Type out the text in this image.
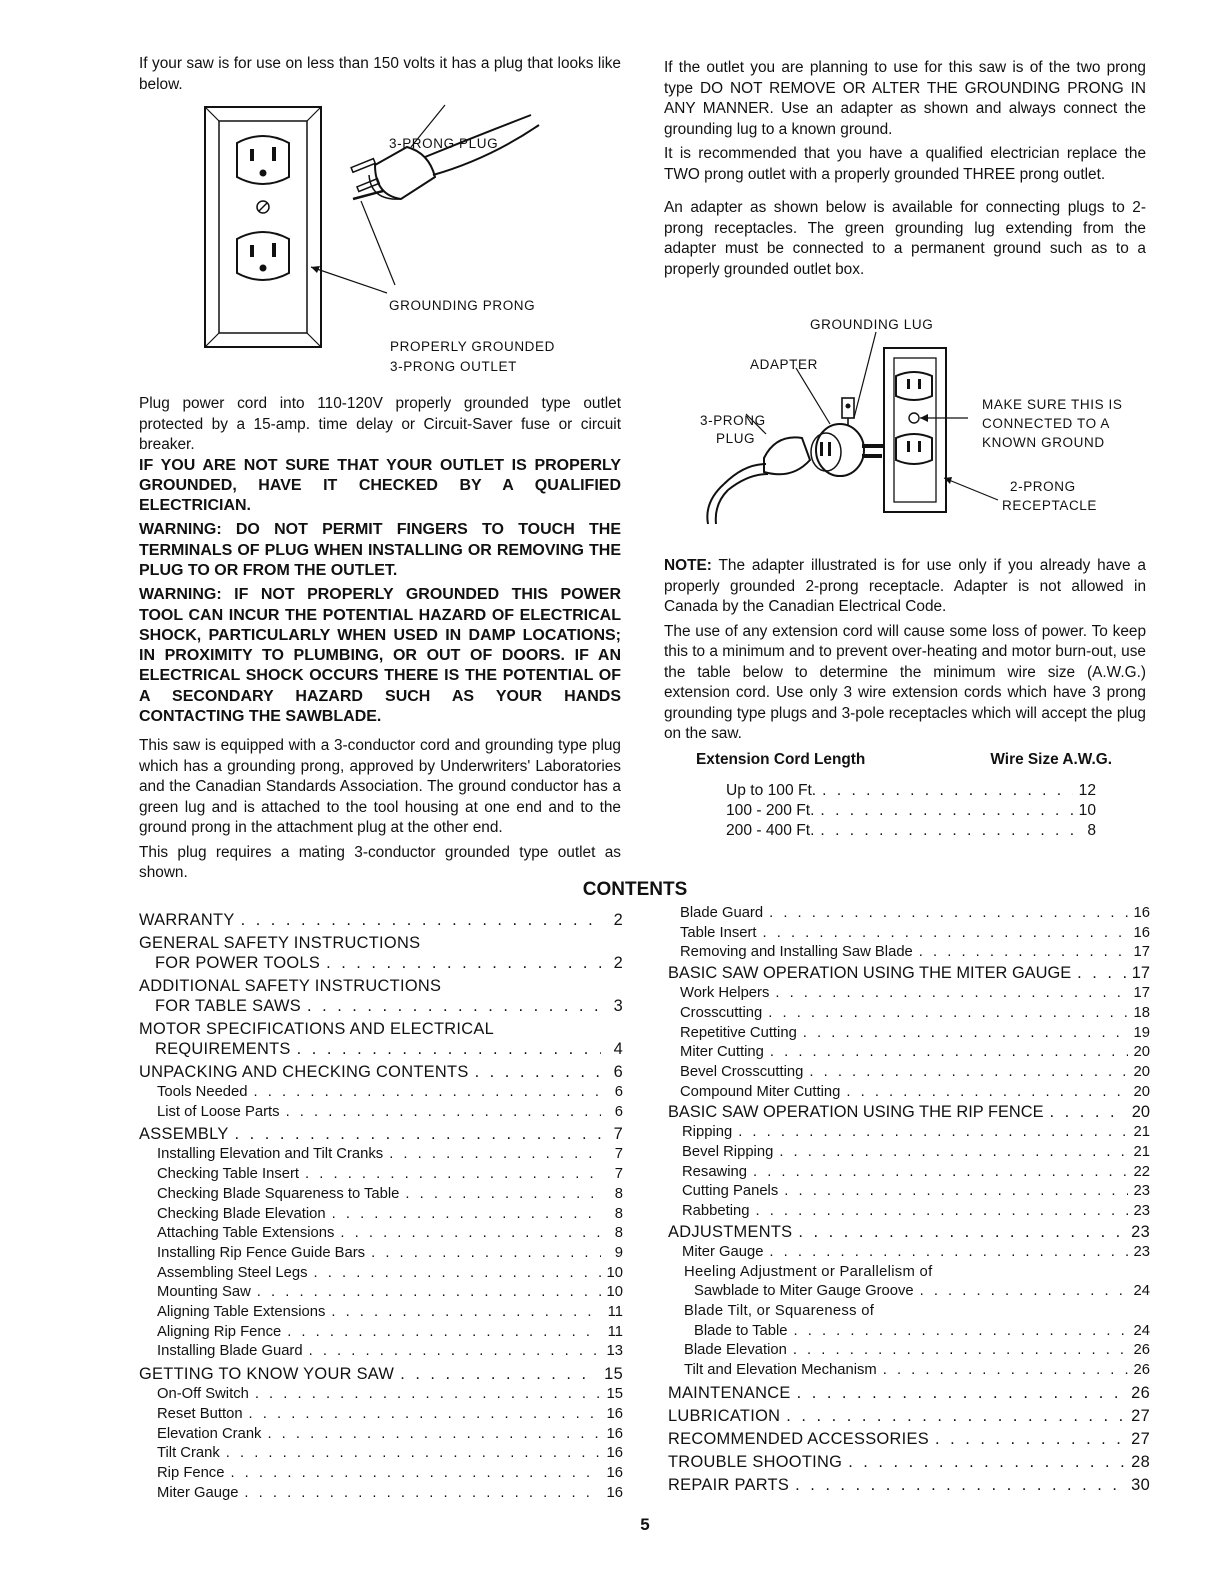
If your saw is for use on less than 150 volts it has a plug that looks like below.

3-PRONG PLUG
GROUNDING PRONG
PROPERLY GROUNDED
3-PRONG OUTLET

Plug power cord into 110-120V properly grounded type outlet protected by a 15-amp. time delay or Circuit-Saver fuse or circuit breaker.

IF YOU ARE NOT SURE THAT YOUR OUTLET IS PROPERLY GROUNDED, HAVE IT CHECKED BY A QUALIFIED ELECTRICIAN.

WARNING: DO NOT PERMIT FINGERS TO TOUCH THE TERMINALS OF PLUG WHEN INSTALLING OR REMOVING THE PLUG TO OR FROM THE OUTLET.

WARNING: IF NOT PROPERLY GROUNDED THIS POWER TOOL CAN INCUR THE POTENTIAL HAZARD OF ELECTRICAL SHOCK, PARTICULARLY WHEN USED IN DAMP LOCATIONS; IN PROXIMITY TO PLUMBING, OR OUT OF DOORS. IF AN ELECTRICAL SHOCK OCCURS THERE IS THE POTENTIAL OF A SECONDARY HAZARD SUCH AS YOUR HANDS CONTACTING THE SAWBLADE.

This saw is equipped with a 3-conductor cord and grounding type plug which has a grounding prong, approved by Underwriters' Laboratories and the Canadian Standards Association. The ground conductor has a green lug and is attached to the tool housing at one end and to the ground prong in the attachment plug at the other end.

This plug requires a mating 3-conductor grounded type outlet as shown.

If the outlet you are planning to use for this saw is of the two prong type DO NOT REMOVE OR ALTER THE GROUNDING PRONG IN ANY MANNER. Use an adapter as shown and always connect the grounding lug to a known ground.

It is recommended that you have a qualified electrician replace the TWO prong outlet with a properly grounded THREE prong outlet.

An adapter as shown below is available for connecting plugs to 2-prong receptacles. The green grounding lug extending from the adapter must be connected to a permanent ground such as to a properly grounded outlet box.

GROUNDING LUG
ADAPTER
3-PRONG
PLUG
MAKE SURE THIS IS
CONNECTED TO A
KNOWN GROUND
2-PRONG
RECEPTACLE

NOTE: The adapter illustrated is for use only if you already have a properly grounded 2-prong receptacle. Adapter is not allowed in Canada by the Canadian Electrical Code.

The use of any extension cord will cause some loss of power. To keep this to a minimum and to prevent over-heating and motor burn-out, use the table below to determine the minimum wire size (A.W.G.) extension cord. Use only 3 wire extension cords which have 3 prong grounding type plugs and 3-pole receptacles which will accept the plug on the saw.

Extension Cord Length	Wire Size A.W.G.
Up to 100 Ft. . . .	12
100 - 200 Ft. . . .	10
200 - 400 Ft. . . .	8
CONTENTS
WARRANTY . . .	2
GENERAL SAFETY INSTRUCTIONS
FOR POWER TOOLS . . .	2
ADDITIONAL SAFETY INSTRUCTIONS
FOR TABLE SAWS . . .	3
MOTOR SPECIFICATIONS AND ELECTRICAL
REQUIREMENTS . . .	4
UNPACKING AND CHECKING CONTENTS . . .	6
Tools Needed . . .	6
List of Loose Parts . . .	6
ASSEMBLY . . .	7
Installing Elevation and Tilt Cranks . . .	7
Checking Table Insert . . .	7
Checking Blade Squareness to Table . . .	8
Checking Blade Elevation . . .	8
Attaching Table Extensions . . .	8
Installing Rip Fence Guide Bars . . .	9
Assembling Steel Legs . . .	10
Mounting Saw . . .	10
Aligning Table Extensions . . .	11
Aligning Rip Fence . . .	11
Installing Blade Guard . . .	13
GETTING TO KNOW YOUR SAW . . .	15
On-Off Switch . . .	15
Reset Button . . .	16
Elevation Crank . . .	16
Tilt Crank . . .	16
Rip Fence . . .	16
Miter Gauge . . .	16
Blade Guard . . .	16
Table Insert . . .	16
Removing and Installing Saw Blade . . .	17
BASIC SAW OPERATION USING THE MITER GAUGE . . .	17
Work Helpers . . .	17
Crosscutting . . .	18
Repetitive Cutting . . .	19
Miter Cutting . . .	20
Bevel Crosscutting . . .	20
Compound Miter Cutting . . .	20
BASIC SAW OPERATION USING THE RIP FENCE . . .	20
Ripping . . .	21
Bevel Ripping . . .	21
Resawing . . .	22
Cutting Panels . . .	23
Rabbeting . . .	23
ADJUSTMENTS . . .	23
Miter Gauge . . .	23
Heeling Adjustment or Parallelism of
Sawblade to Miter Gauge Groove . . .	24
Blade Tilt, or Squareness of
Blade to Table . . .	24
Blade Elevation . . .	26
Tilt and Elevation Mechanism . . .	26
MAINTENANCE . . .	26
LUBRICATION . . .	27
RECOMMENDED ACCESSORIES . . .	27
TROUBLE SHOOTING . . .	28
REPAIR PARTS . . .	30
5
